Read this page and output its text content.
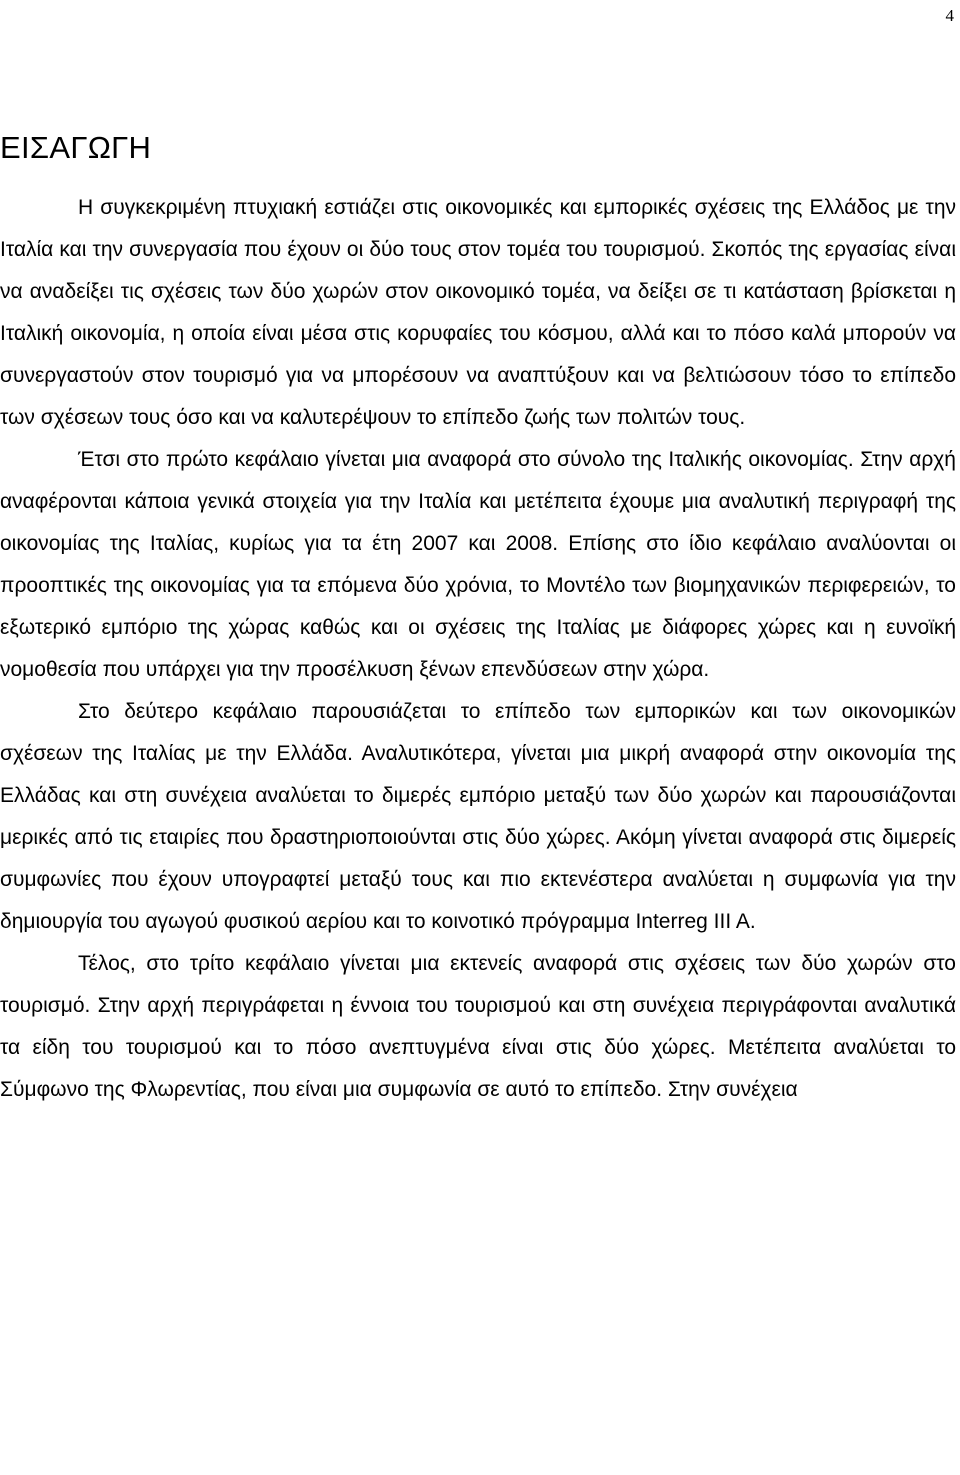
4
ΕΙΣΑΓΩΓΗ

Η συγκεκριμένη πτυχιακή εστιάζει στις οικονομικές και εμπορικές σχέσεις της Ελλάδος με την Ιταλία και την συνεργασία που έχουν οι δύο τους στον τομέα του τουρισμού. Σκοπός της εργασίας είναι να αναδείξει τις σχέσεις των δύο χωρών στον οικονομικό τομέα, να δείξει σε τι κατάσταση βρίσκεται η Ιταλική οικονομία, η οποία είναι μέσα στις κορυφαίες του κόσμου, αλλά και το πόσο καλά μπορούν να συνεργαστούν στον τουρισμό για να μπορέσουν να αναπτύξουν και να βελτιώσουν τόσο το επίπεδο των σχέσεων τους όσο και να καλυτερέψουν το επίπεδο ζωής των πολιτών τους.

Έτσι στο πρώτο κεφάλαιο γίνεται μια αναφορά στο σύνολο της Ιταλικής οικονομίας. Στην αρχή αναφέρονται κάποια γενικά στοιχεία για την Ιταλία και μετέπειτα έχουμε μια αναλυτική περιγραφή της οικονομίας της Ιταλίας, κυρίως για τα έτη 2007 και 2008. Επίσης στο ίδιο κεφάλαιο αναλύονται οι προοπτικές της οικονομίας για τα επόμενα δύο χρόνια, το Μοντέλο των βιομηχανικών περιφερειών, το εξωτερικό εμπόριο της χώρας καθώς και οι σχέσεις της Ιταλίας με διάφορες χώρες και η ευνοϊκή νομοθεσία που υπάρχει για την προσέλκυση ξένων επενδύσεων στην χώρα.

Στο δεύτερο κεφάλαιο παρουσιάζεται το επίπεδο των εμπορικών και των οικονομικών σχέσεων της Ιταλίας με την Ελλάδα. Αναλυτικότερα, γίνεται μια μικρή αναφορά στην οικονομία της Ελλάδας και στη συνέχεια αναλύεται το διμερές εμπόριο μεταξύ των δύο χωρών και παρουσιάζονται μερικές από τις εταιρίες που δραστηριοποιούνται στις δύο χώρες. Ακόμη γίνεται αναφορά στις διμερείς συμφωνίες που έχουν υπογραφτεί μεταξύ τους και πιο εκτενέστερα αναλύεται η συμφωνία για την δημιουργία του αγωγού φυσικού αερίου και το κοινοτικό πρόγραμμα Interreg III A.

Τέλος, στο τρίτο κεφάλαιο γίνεται μια εκτενείς αναφορά στις σχέσεις των δύο χωρών στο τουρισμό. Στην αρχή περιγράφεται η έννοια του τουρισμού και στη συνέχεια περιγράφονται αναλυτικά τα είδη του τουρισμού και το πόσο ανεπτυγμένα είναι στις δύο χώρες. Μετέπειτα αναλύεται το Σύμφωνο της Φλωρεντίας, που είναι μια συμφωνία σε αυτό το επίπεδο. Στην συνέχεια
